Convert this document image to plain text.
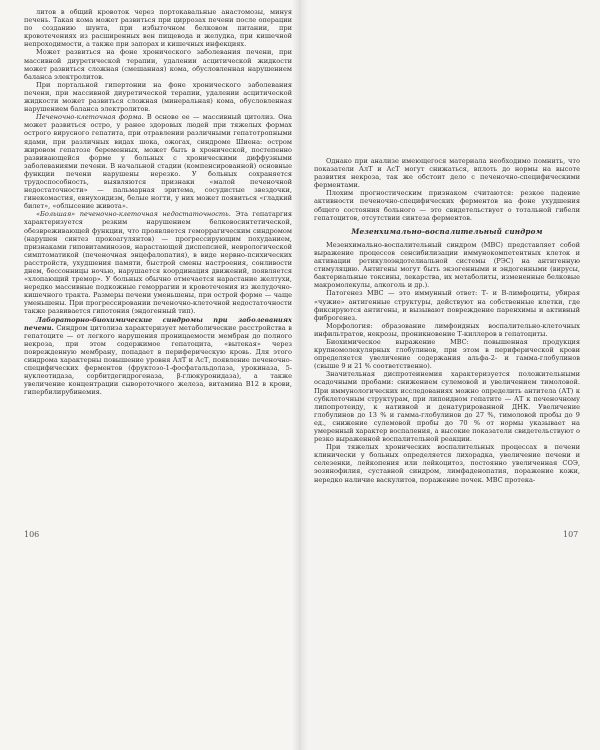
литов в общий кровоток через портокавальные анастомозы, минуя печень. Такая кома может развиться при циррозах печени после операции по созданию шунта, при избыточном белковом питании, при кровотечениях из расширенных вен пищевода и желудка, при кишечной непроходимости, а также при запорах и кишечных инфекциях.

Может развиться на фоне хронического заболевания печени, при массивной диуретической терапии, удалении асцитической жидкости может развиться сложная (смешанная) кома, обусловленная нарушением баланса электролитов.

При портальной гипертонии на фоне хронического заболевания печени, при массивной диуретической терапии, удалении асцитической жидкости может развиться сложная (минеральная) кома, обусловленная нарушением баланса электролитов.

Печеночно-клеточная форма. В основе ее — массивный цитолиз. Она может развиться остро, у ранее здоровых людей при тяжелых формах острого вирусного гепатита, при отравлении различными гепатотропными ядами, при различных видах шока, ожогах, синдроме Шиена: остром жировом гепатозе беременных, может быть в хронической, постепенно развивающейся форме у больных с хроническими диффузными заболеваниями печени. В начальной стадии (компенсированной) основные функции печени нарушены нерезко. У больных сохраняется трудоспособность, выявляются признаки «малой печеночной недостаточности» — пальмарная эритема, сосудистые звездочки, гинекомастия, евнухоидизм, белые ногти, у них может появиться «гладкий билет», «облысение живота».

«Большая» печеночно-клеточная недостаточность. Эта гепатаргия характеризуется резким нарушением белковосинтетической, обезвреживающей функции, что проявляется геморрагическим синдромом (нарушен синтез прокоагулянтов) — прогрессирующим похуданием, признаками гиповитаминозов, нарастающей диспепсией, неврологической симптоматикой (печеночная энцефалопатия), в виде нервно-психических расстройств, ухудшения памяти, быстрой смены настроения, сонливости днем, бессонницы ночью, нарушается координация движений, появляется «хлопающий тремор». У больных обычно отмечается нарастание желтухи, нередко массивные подкожные геморрагии и кровотечения из желудочно-кишечного тракта. Размеры печени уменьшены, при острой форме — чаще уменьшены. При прогрессировании печеночно-клеточной недостаточности также развивается гипотония (эндогенный тип).

Лабораторно-биохимические синдромы при заболеваниях печени. Синдром цитолиза характеризует метаболические расстройства в гепатоците — от легкого нарушения проницаемости мембран до полного некроза, при этом содержимое гепатоцита, «вытекая» через поврежденную мембрану, попадает в периферическую кровь. Для этого синдрома характерны повышение уровня АлТ и АсТ, появление печеночно-специфических ферментов (фруктозо-1-фосфатальдолаза, урокиназа, 5-нуклеотидаза, сорбитдегидрогеназа, β-глюкуронидаза), а также увеличение концентрации сывороточного железа, витамина В12 в крови, гипербилирубинемия.

Однако при анализе имеющегося материала необходимо помнить, что показатели АлТ и АсТ могут снижаться, вплоть до нормы на высоте развития некроза, так же обстоит дело с печеночно-специфическими ферментами.

Плохим прогностическим признаком считаются: резкое падение активности печеночно-специфических ферментов на фоне ухудшения общего состояния больного — это свидетельствует о тотальной гибели гепатоцитов, отсутствии синтеза ферментов.

Мезенхимально-воспалительный синдром

Мезенхимально-воспалительный синдром (МВС) представляет собой выражение процессов сенсибилизации иммунокомпетентных клеток и активации ретикулоэндотелиальной системы (РЭС) на антигенную стимуляцию. Антигены могут быть экзогенными и эндогенными (вирусы, бактериальные токсины, лекарства, их метаболиты, измененные белковые макромолекулы, алкоголь и др.).

Патогенез МВС — это иммунный ответ: Т- и В-лимфоциты, убирая «чужие» антигенные структуры, действуют на собственные клетки, где фиксируются антигены, и вызывают повреждение паренхимы и активный фиброгенез.

Морфология: образование лимфоидных воспалительно-клеточных инфильтратов, некрозы, проникновение Т-киллеров в гепатоциты.

Биохимическое выражение МВС: повышенная продукция крупномолекулярных глобулинов, при этом в периферической крови определяется увеличение содержания альфа-2- и гамма-глобулинов (свыше 9 и 21 % соответственно).

Значительная диспротеинемия характеризуется положительными осадочными пробами: снижением сулемовой и увеличением тимоловой. При иммунологических исследованиях можно определить антитела (АТ) к субклеточным структурам, при липоидном гепатите — АТ к печеночному липопротеиду, к нативной и денатурированной ДНК. Увеличение глобулинов до 13 % и гамма-глобулинов до 27 %, тимоловой пробы до 9 ед., снижение сулемовой пробы до 70 % от нормы указывает на умеренный характер воспаления, а высокие показатели свидетельствуют о резко выраженной воспалительной реакции.

При тяжелых хронических воспалительных процессах в печени клинически у больных определяется лихорадка, увеличение печени и селезенки, лейкопения или лейкоцитоз, постоянно увеличенная СОЭ, эозинофилия, суставной синдром, лимфаденопатия, поражение кожи, нередко наличие васкулитов, поражение почек. МВС протека-

106	107
